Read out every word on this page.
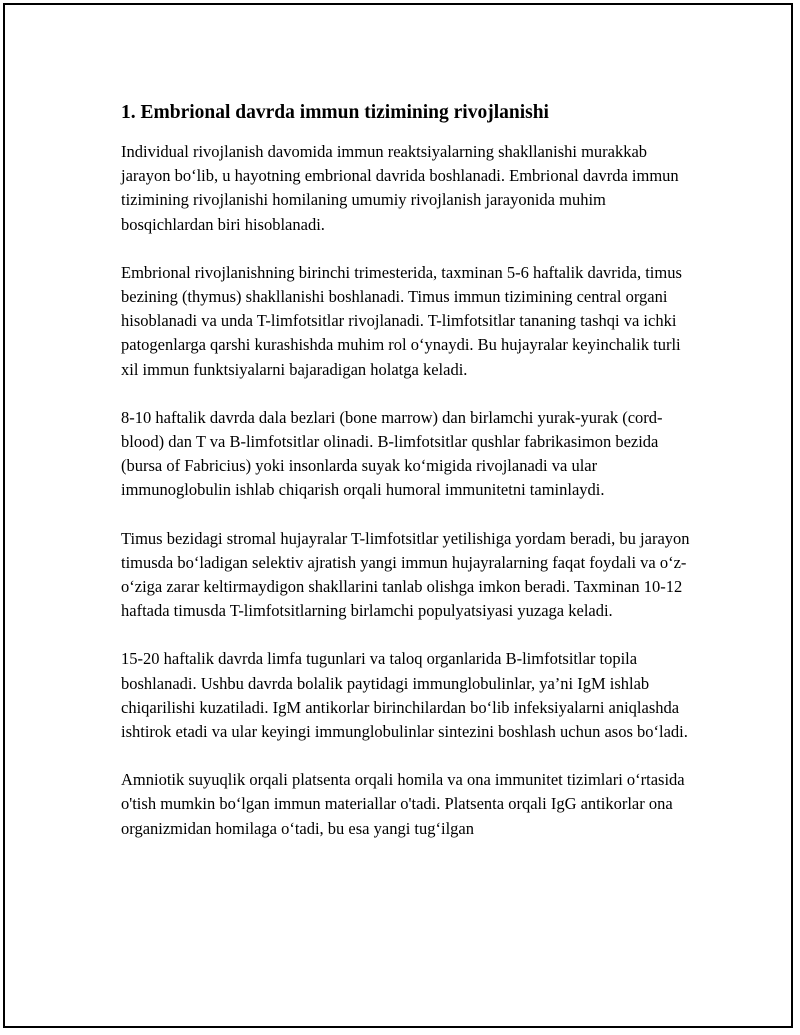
1. Embrional davrda immun tizimining rivojlanishi

Individual rivojlanish davomida immun reaktsiyalarning shakllanishi murakkab jarayon bo‘lib, u hayotning embrional davrida boshlanadi. Embrional davrda immun tizimining rivojlanishi homilaning umumiy rivojlanish jarayonida muhim bosqichlardan biri hisoblanadi.

Embrional rivojlanishning birinchi trimesterida, taxminan 5-6 haftalik davrida, timus bezining (thymus) shakllanishi boshlanadi. Timus immun tizimining central organi hisoblanadi va unda T-limfotsitlar rivojlanadi. T-limfotsitlar tananing tashqi va ichki patogenlarga qarshi kurashishda muhim rol o‘ynaydi. Bu hujayralar keyinchalik turli xil immun funktsiyalarni bajaradigan holatga keladi.

8-10 haftalik davrda dala bezlari (bone marrow) dan birlamchi yurak-yurak (cord-blood) dan T va B-limfotsitlar olinadi. B-limfotsitlar qushlar fabrikasimon bezida (bursa of Fabricius) yoki insonlarda suyak ko‘migida rivojlanadi va ular immunoglobulin ishlab chiqarish orqali humoral immunitetni taminlaydi.

Timus bezidagi stromal hujayralar T-limfotsitlar yetilishiga yordam beradi, bu jarayon timusda bo‘ladigan selektiv ajratish yangi immun hujayralarning faqat foydali va o‘z-o‘ziga zarar keltirmaydigon shakllarini tanlab olishga imkon beradi. Taxminan 10-12 haftada timusda T-limfotsitlarning birlamchi populyatsiyasi yuzaga keladi.

15-20 haftalik davrda limfa tugunlari va taloq organlarida B-limfotsitlar topila boshlanadi. Ushbu davrda bolalik paytidagi immunglobulinlar, ya’ni IgM ishlab chiqarilishi kuzatiladi. IgM antikorlar birinchilardan bo‘lib infeksiyalarni aniqlashda ishtirok etadi va ular keyingi immunglobulinlar sintezini boshlash uchun asos bo‘ladi.

Amniotik suyuqlik orqali platsenta orqali homila va ona immunitet tizimlari o‘rtasida o'tish mumkin bo‘lgan immun materiallar o'tadi. Platsenta orqali IgG antikorlar ona organizmidan homilaga o‘tadi, bu esa yangi tug‘ilgan
